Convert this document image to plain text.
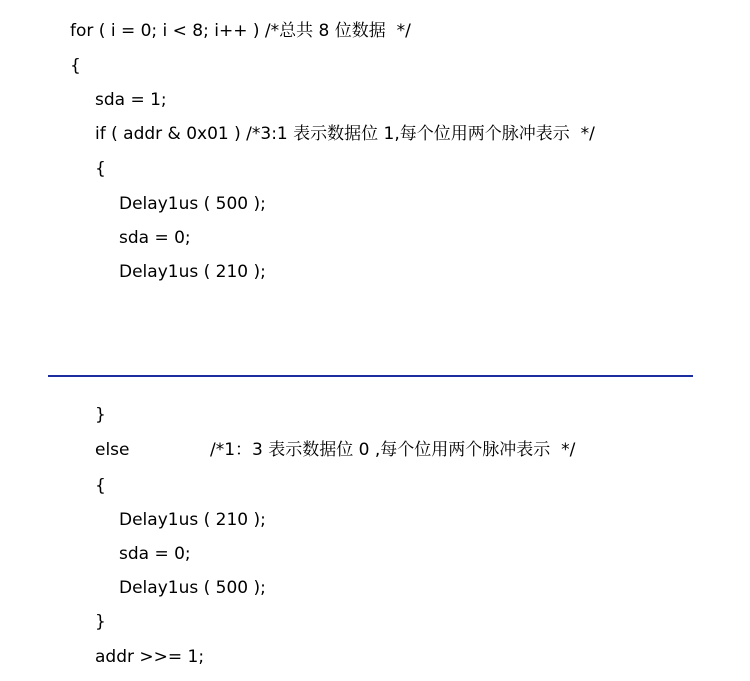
for ( i = 0; i < 8; i++ ) /*总共 8 位数据  */
{
sda = 1;
if ( addr & 0x01 ) /*3:1 表示数据位 1,每个位用两个脉冲表示  */
{
Delay1us ( 500 );
sda = 0;
Delay1us ( 210 );
}
else	/*1：3 表示数据位 0 ,每个位用两个脉冲表示  */
{
Delay1us ( 210 );
sda = 0;
Delay1us ( 500 );
}
addr >>= 1;
